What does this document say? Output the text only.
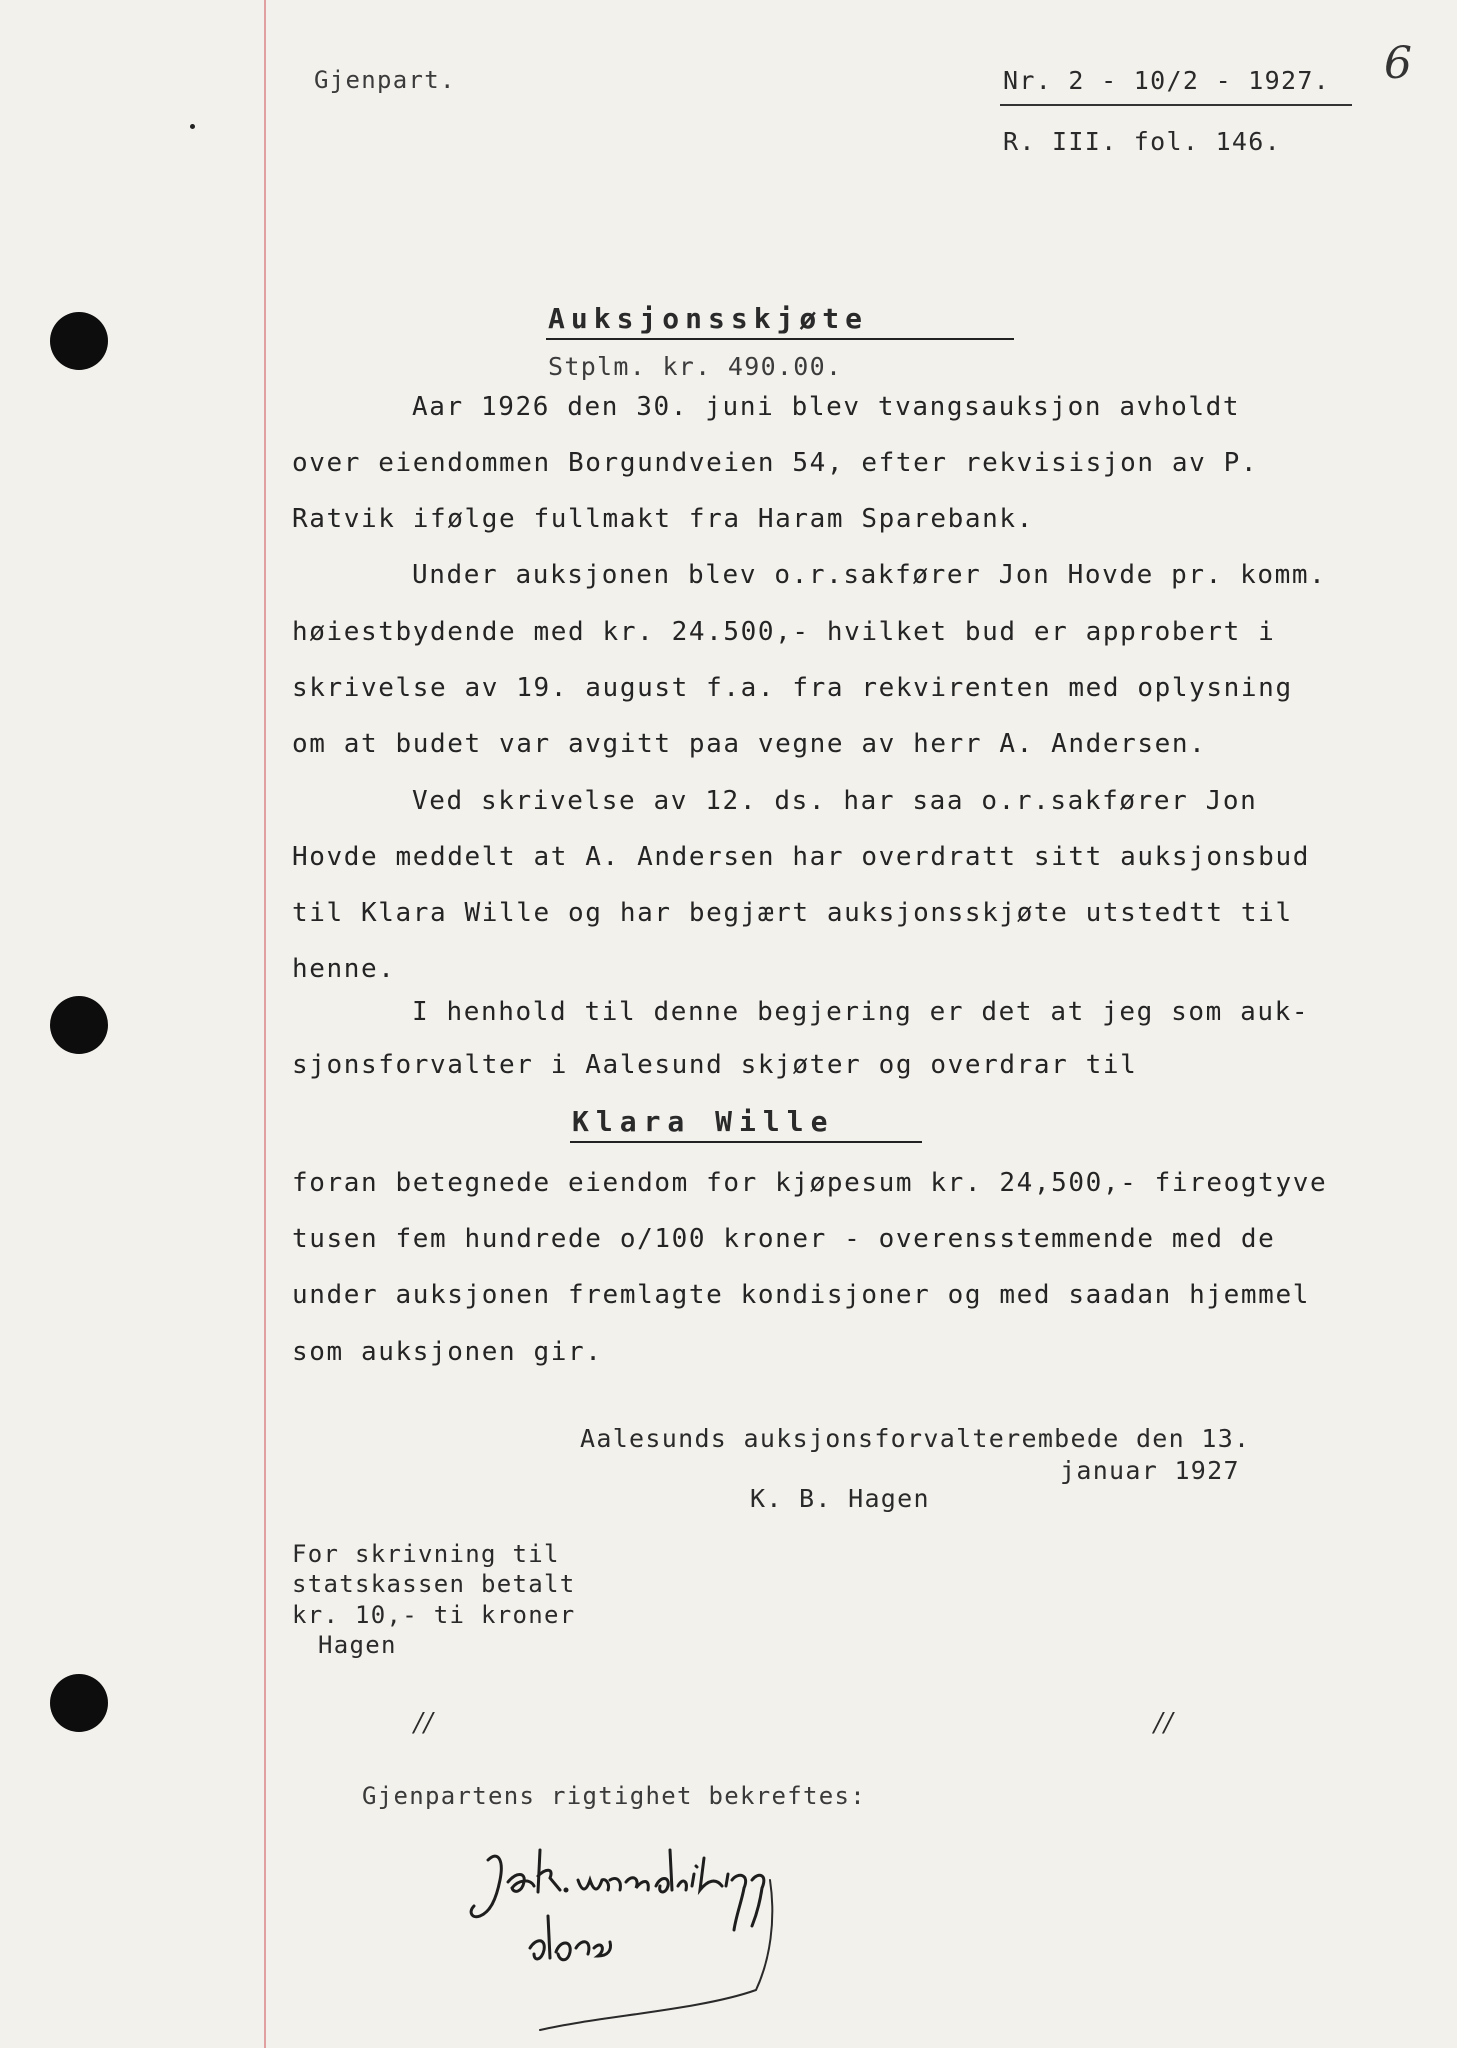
Gjenpart.	Nr. 2 - 10/2 - 1927.
R. III. fol. 146.
6
Auksjonsskjøte
Stplm. kr. 490.00.
Aar 1926 den 30. juni blev tvangsauksjon avholdt
over eiendommen Borgundveien 54, efter rekvisisjon av P.
Ratvik ifølge fullmakt fra Haram Sparebank.
Under auksjonen blev o.r.sakfører Jon Hovde pr. komm.
høiestbydende med kr. 24.500,- hvilket bud er approbert i
skrivelse av 19. august f.a. fra rekvirenten med oplysning
om at budet var avgitt paa vegne av herr A. Andersen.
Ved skrivelse av 12. ds. har saa o.r.sakfører Jon
Hovde meddelt at A. Andersen har overdratt sitt auksjonsbud
til Klara Wille og har begjært auksjonsskjøte utstedtt til
henne.
I henhold til denne begjering er det at jeg som auk-
sjonsforvalter i Aalesund skjøter og overdrar til
Klara Wille
foran betegnede eiendom for kjøpesum kr. 24,500,- fireogtyve
tusen fem hundrede o/100 kroner - overensstemmende med de
under auksjonen fremlagte kondisjoner og med saadan hjemmel
som auksjonen gir.
Aalesunds auksjonsforvalterembede den 13.
januar 1927
K. B. Hagen
For skrivning til
statskassen betalt
kr. 10,- ti kroner
Hagen
//	//
Gjenpartens rigtighet bekreftes:
